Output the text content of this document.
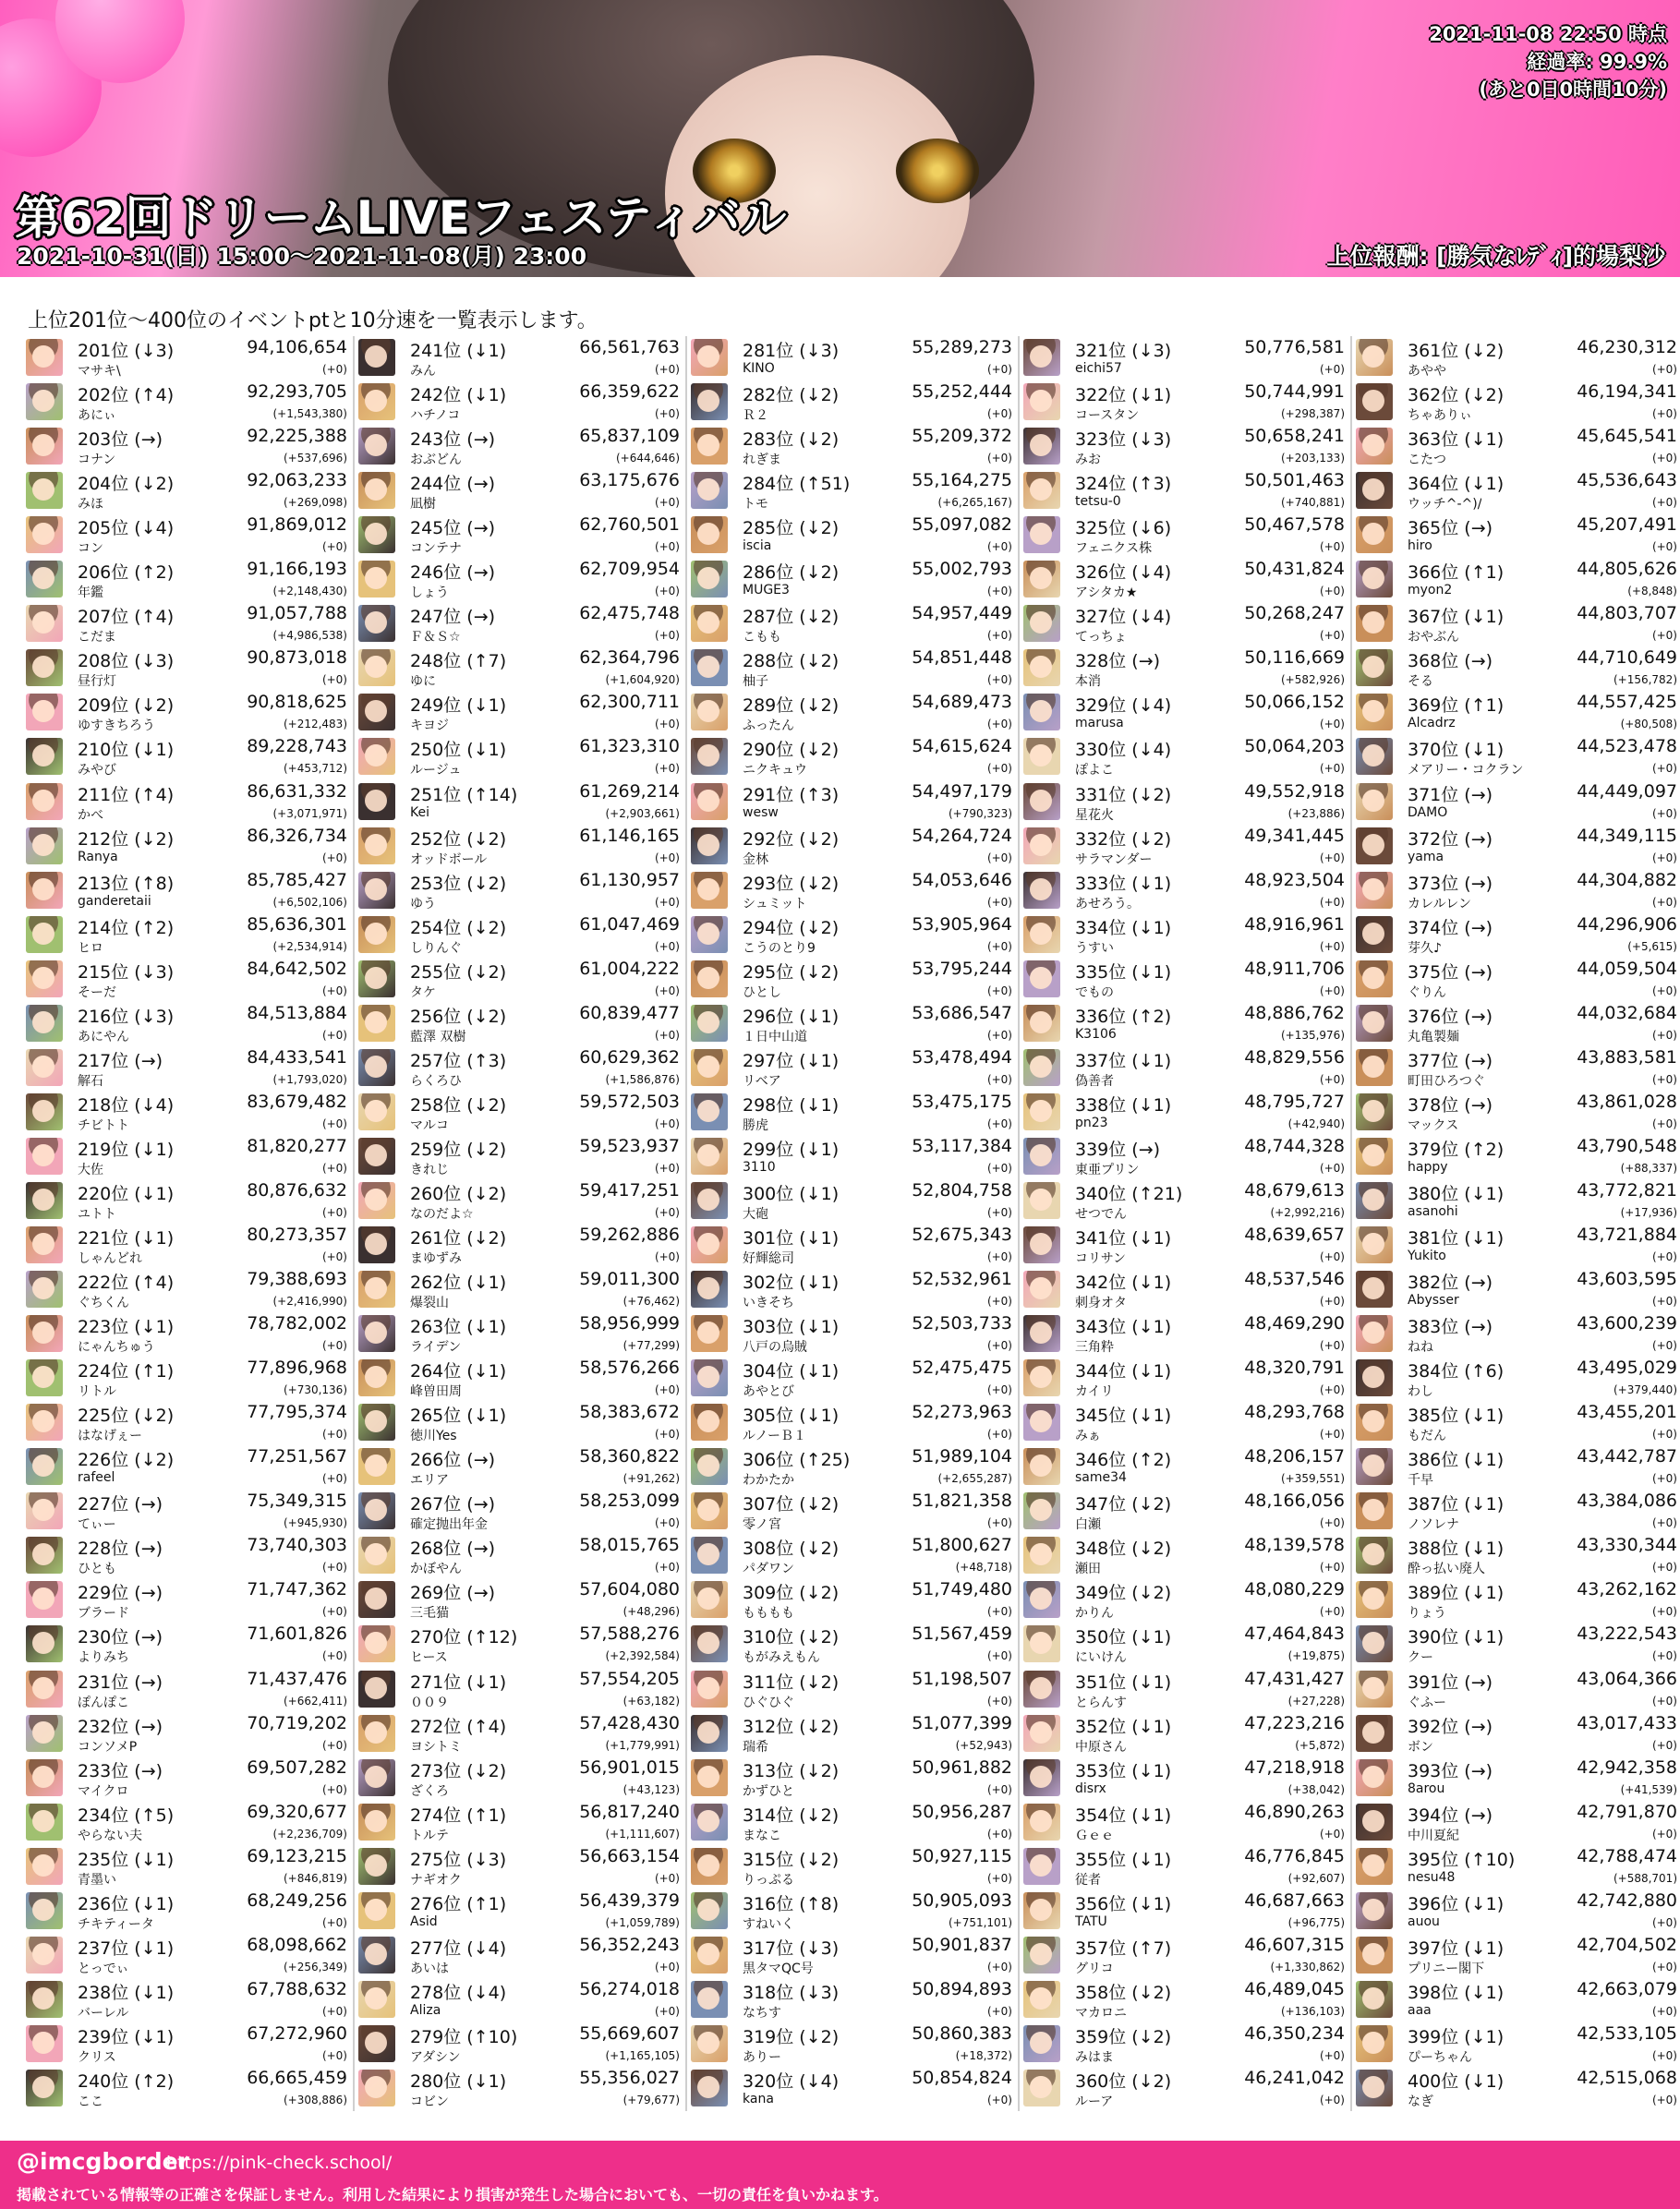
2021-11-08 22:50 時点
経過率: 99.9%
(あと0日0時間10分)
第62回ドリームLIVEフェスティバル
2021-10-31(日) 15:00～2021-11-08(月) 23:00	上位報酬: [勝気なﾚﾃﾞｨ]的場梨沙
上位201位～400位のイベントptと10分速を一覧表示します。
201位 (↓3)	94,106,654
マサキ\	(+0)
202位 (↑4)	92,293,705
あにぃ	(+1,543,380)
203位 (→)	92,225,388
コナン	(+537,696)
204位 (↓2)	92,063,233
みほ	(+269,098)
205位 (↓4)	91,869,012
コン	(+0)
206位 (↑2)	91,166,193
年鑑	(+2,148,430)
207位 (↑4)	91,057,788
こだま	(+4,986,538)
208位 (↓3)	90,873,018
昼行灯	(+0)
209位 (↓2)	90,818,625
ゆすきちろう	(+212,483)
210位 (↓1)	89,228,743
みやび	(+453,712)
211位 (↑4)	86,631,332
かべ	(+3,071,971)
212位 (↓2)	86,326,734
Ranya	(+0)
213位 (↑8)	85,785,427
ganderetaii	(+6,502,106)
214位 (↑2)	85,636,301
ヒロ	(+2,534,914)
215位 (↓3)	84,642,502
そーだ	(+0)
216位 (↓3)	84,513,884
あにやん	(+0)
217位 (→)	84,433,541
解石	(+1,793,020)
218位 (↓4)	83,679,482
チビトト	(+0)
219位 (↓1)	81,820,277
大佐	(+0)
220位 (↓1)	80,876,632
ユトト	(+0)
221位 (↓1)	80,273,357
しゃんどれ	(+0)
222位 (↑4)	79,388,693
ぐちくん	(+2,416,990)
223位 (↓1)	78,782,002
にゃんちゅう	(+0)
224位 (↑1)	77,896,968
リトル	(+730,136)
225位 (↓2)	77,795,374
はなげぇー	(+0)
226位 (↓2)	77,251,567
rafeel	(+0)
227位 (→)	75,349,315
てぃー	(+945,930)
228位 (→)	73,740,303
ひとも	(+0)
229位 (→)	71,747,362
ブラード	(+0)
230位 (→)	71,601,826
よりみち	(+0)
231位 (→)	71,437,476
ぽんぽこ	(+662,411)
232位 (→)	70,719,202
コンソメP	(+0)
233位 (→)	69,507,282
マイクロ	(+0)
234位 (↑5)	69,320,677
やらない夫	(+2,236,709)
235位 (↓1)	69,123,215
青墨い	(+846,819)
236位 (↓1)	68,249,256
チキティータ	(+0)
237位 (↓1)	68,098,662
とっでぃ	(+256,349)
238位 (↓1)	67,788,632
バーレル	(+0)
239位 (↓1)	67,272,960
クリス	(+0)
240位 (↑2)	66,665,459
ここ	(+308,886)
241位 (↓1)	66,561,763
みん	(+0)
242位 (↓1)	66,359,622
ハチノコ	(+0)
243位 (→)	65,837,109
おぶどん	(+644,646)
244位 (→)	63,175,676
凪樹	(+0)
245位 (→)	62,760,501
コンテナ	(+0)
246位 (→)	62,709,954
しょう	(+0)
247位 (→)	62,475,748
Ｆ＆Ｓ☆	(+0)
248位 (↑7)	62,364,796
ゆに	(+1,604,920)
249位 (↓1)	62,300,711
キヨジ	(+0)
250位 (↓1)	61,323,310
ルージュ	(+0)
251位 (↑14)	61,269,214
Kei	(+2,903,661)
252位 (↓2)	61,146,165
オッドボール	(+0)
253位 (↓2)	61,130,957
ゆう	(+0)
254位 (↓2)	61,047,469
しりんぐ	(+0)
255位 (↓2)	61,004,222
タケ	(+0)
256位 (↓2)	60,839,477
藍澤 双樹	(+0)
257位 (↑3)	60,629,362
らくろひ	(+1,586,876)
258位 (↓2)	59,572,503
マルコ	(+0)
259位 (↓2)	59,523,937
きれじ	(+0)
260位 (↓2)	59,417,251
なのだよ☆	(+0)
261位 (↓2)	59,262,886
まゆずみ	(+0)
262位 (↓1)	59,011,300
爆裂山	(+76,462)
263位 (↓1)	58,956,999
ライデン	(+77,299)
264位 (↓1)	58,576,266
峰曽田周	(+0)
265位 (↓1)	58,383,672
徳川Yes	(+0)
266位 (→)	58,360,822
エリア	(+91,262)
267位 (→)	58,253,099
確定抛出年金	(+0)
268位 (→)	58,015,765
かぼやん	(+0)
269位 (→)	57,604,080
三毛猫	(+48,296)
270位 (↑12)	57,588,276
ヒース	(+2,392,584)
271位 (↓1)	57,554,205
００９	(+63,182)
272位 (↑4)	57,428,430
ヨシトミ	(+1,779,991)
273位 (↓2)	56,901,015
ざくろ	(+43,123)
274位 (↑1)	56,817,240
トルテ	(+1,111,607)
275位 (↓3)	56,663,154
ナギオク	(+0)
276位 (↑1)	56,439,379
Asid	(+1,059,789)
277位 (↓4)	56,352,243
あいは	(+0)
278位 (↓4)	56,274,018
Aliza	(+0)
279位 (↑10)	55,669,607
アダシン	(+1,165,105)
280位 (↓1)	55,356,027
コビン	(+79,677)
281位 (↓3)	55,289,273
KINO	(+0)
282位 (↓2)	55,252,444
Ｒ２	(+0)
283位 (↓2)	55,209,372
れぎま	(+0)
284位 (↑51)	55,164,275
トモ	(+6,265,167)
285位 (↓2)	55,097,082
iscia	(+0)
286位 (↓2)	55,002,793
MUGE3	(+0)
287位 (↓2)	54,957,449
こもも	(+0)
288位 (↓2)	54,851,448
柚子	(+0)
289位 (↓2)	54,689,473
ふったん	(+0)
290位 (↓2)	54,615,624
ニクキュウ	(+0)
291位 (↑3)	54,497,179
wesw	(+790,323)
292位 (↓2)	54,264,724
金林	(+0)
293位 (↓2)	54,053,646
シュミット	(+0)
294位 (↓2)	53,905,964
こうのとり9	(+0)
295位 (↓2)	53,795,244
ひとし	(+0)
296位 (↓1)	53,686,547
１日中山道	(+0)
297位 (↓1)	53,478,494
リベア	(+0)
298位 (↓1)	53,475,175
勝虎	(+0)
299位 (↓1)	53,117,384
3110	(+0)
300位 (↓1)	52,804,758
大砲	(+0)
301位 (↓1)	52,675,343
好輝総司	(+0)
302位 (↓1)	52,532,961
いきそち	(+0)
303位 (↓1)	52,503,733
八戸の烏賊	(+0)
304位 (↓1)	52,475,475
あやとび	(+0)
305位 (↓1)	52,273,963
ルノーＢ１	(+0)
306位 (↑25)	51,989,104
わかたか	(+2,655,287)
307位 (↓2)	51,821,358
零ノ宮	(+0)
308位 (↓2)	51,800,627
パダワン	(+48,718)
309位 (↓2)	51,749,480
もももも	(+0)
310位 (↓2)	51,567,459
もがみえもん	(+0)
311位 (↓2)	51,198,507
ひぐひぐ	(+0)
312位 (↓2)	51,077,399
瑞希	(+52,943)
313位 (↓2)	50,961,882
かずひと	(+0)
314位 (↓2)	50,956,287
まなこ	(+0)
315位 (↓2)	50,927,115
りっぷる	(+0)
316位 (↑8)	50,905,093
すねいく	(+751,101)
317位 (↓3)	50,901,837
黒タマQC号	(+0)
318位 (↓3)	50,894,893
なちす	(+0)
319位 (↓2)	50,860,383
ありー	(+18,372)
320位 (↓4)	50,854,824
kana	(+0)
321位 (↓3)	50,776,581
eichi57	(+0)
322位 (↓1)	50,744,991
コースタン	(+298,387)
323位 (↓3)	50,658,241
みお	(+203,133)
324位 (↑3)	50,501,463
tetsu-0	(+740,881)
325位 (↓6)	50,467,578
フェニクス株	(+0)
326位 (↓4)	50,431,824
アシタカ★	(+0)
327位 (↓4)	50,268,247
てっちょ	(+0)
328位 (→)	50,116,669
本消	(+582,926)
329位 (↓4)	50,066,152
marusa	(+0)
330位 (↓4)	50,064,203
ぽよこ	(+0)
331位 (↓2)	49,552,918
星花火	(+23,886)
332位 (↓2)	49,341,445
サラマンダー	(+0)
333位 (↓1)	48,923,504
あせろう。	(+0)
334位 (↓1)	48,916,961
うすい	(+0)
335位 (↓1)	48,911,706
でもの	(+0)
336位 (↑2)	48,886,762
K3106	(+135,976)
337位 (↓1)	48,829,556
偽善者	(+0)
338位 (↓1)	48,795,727
pn23	(+42,940)
339位 (→)	48,744,328
東亜プリン	(+0)
340位 (↑21)	48,679,613
せつでん	(+2,992,216)
341位 (↓1)	48,639,657
コリサン	(+0)
342位 (↓1)	48,537,546
刺身オタ	(+0)
343位 (↓1)	48,469,290
三角粋	(+0)
344位 (↓1)	48,320,791
カイリ	(+0)
345位 (↓1)	48,293,768
みぁ	(+0)
346位 (↑2)	48,206,157
same34	(+359,551)
347位 (↓2)	48,166,056
白瀬	(+0)
348位 (↓2)	48,139,578
瀬田	(+0)
349位 (↓2)	48,080,229
かりん	(+0)
350位 (↓1)	47,464,843
にいけん	(+19,875)
351位 (↓1)	47,431,427
とらんす	(+27,228)
352位 (↓1)	47,223,216
中原さん	(+5,872)
353位 (↓1)	47,218,918
disrx	(+38,042)
354位 (↓1)	46,890,263
Ｇｅｅ	(+0)
355位 (↓1)	46,776,845
従者	(+92,607)
356位 (↓1)	46,687,663
TATU	(+96,775)
357位 (↑7)	46,607,315
グリコ	(+1,330,862)
358位 (↓2)	46,489,045
マカロニ	(+136,103)
359位 (↓2)	46,350,234
みはま	(+0)
360位 (↓2)	46,241,042
ルーア	(+0)
361位 (↓2)	46,230,312
あやや	(+0)
362位 (↓2)	46,194,341
ちゃありぃ	(+0)
363位 (↓1)	45,645,541
こたつ	(+0)
364位 (↓1)	45,536,643
ウッチ^-^)/	(+0)
365位 (→)	45,207,491
hiro	(+0)
366位 (↑1)	44,805,626
myon2	(+8,848)
367位 (↓1)	44,803,707
おやぶん	(+0)
368位 (→)	44,710,649
そる	(+156,782)
369位 (↑1)	44,557,425
Alcadrz	(+80,508)
370位 (↓1)	44,523,478
メアリー・コクラン	(+0)
371位 (→)	44,449,097
DAMO	(+0)
372位 (→)	44,349,115
yama	(+0)
373位 (→)	44,304,882
カレルレン	(+0)
374位 (→)	44,296,906
芽久♪	(+5,615)
375位 (→)	44,059,504
ぐりん	(+0)
376位 (→)	44,032,684
丸亀製麺	(+0)
377位 (→)	43,883,581
町田ひろつぐ	(+0)
378位 (→)	43,861,028
マックス	(+0)
379位 (↑2)	43,790,548
happy	(+88,337)
380位 (↓1)	43,772,821
asanohi	(+17,936)
381位 (↓1)	43,721,884
Yukito	(+0)
382位 (→)	43,603,595
Abysser	(+0)
383位 (→)	43,600,239
ねね	(+0)
384位 (↑6)	43,495,029
わし	(+379,440)
385位 (↓1)	43,455,201
もだん	(+0)
386位 (↓1)	43,442,787
千早	(+0)
387位 (↓1)	43,384,086
ノソレナ	(+0)
388位 (↓1)	43,330,344
酔っ払い廃人	(+0)
389位 (↓1)	43,262,162
りょう	(+0)
390位 (↓1)	43,222,543
クー	(+0)
391位 (→)	43,064,366
ぐふー	(+0)
392位 (→)	43,017,433
ボン	(+0)
393位 (→)	42,942,358
8arou	(+41,539)
394位 (→)	42,791,870
中川夏紀	(+0)
395位 (↑10)	42,788,474
nesu48	(+588,701)
396位 (↓1)	42,742,880
auou	(+0)
397位 (↓1)	42,704,502
プリニー閣下	(+0)
398位 (↓1)	42,663,079
aaa	(+0)
399位 (↓1)	42,533,105
ぴーちゃん	(+0)
400位 (↓1)	42,515,068
なぎ	(+0)
@imcgborder
https://pink-check.school/
掲載されている情報等の正確さを保証しません。利用した結果により損害が発生した場合においても、一切の責任を負いかねます。
